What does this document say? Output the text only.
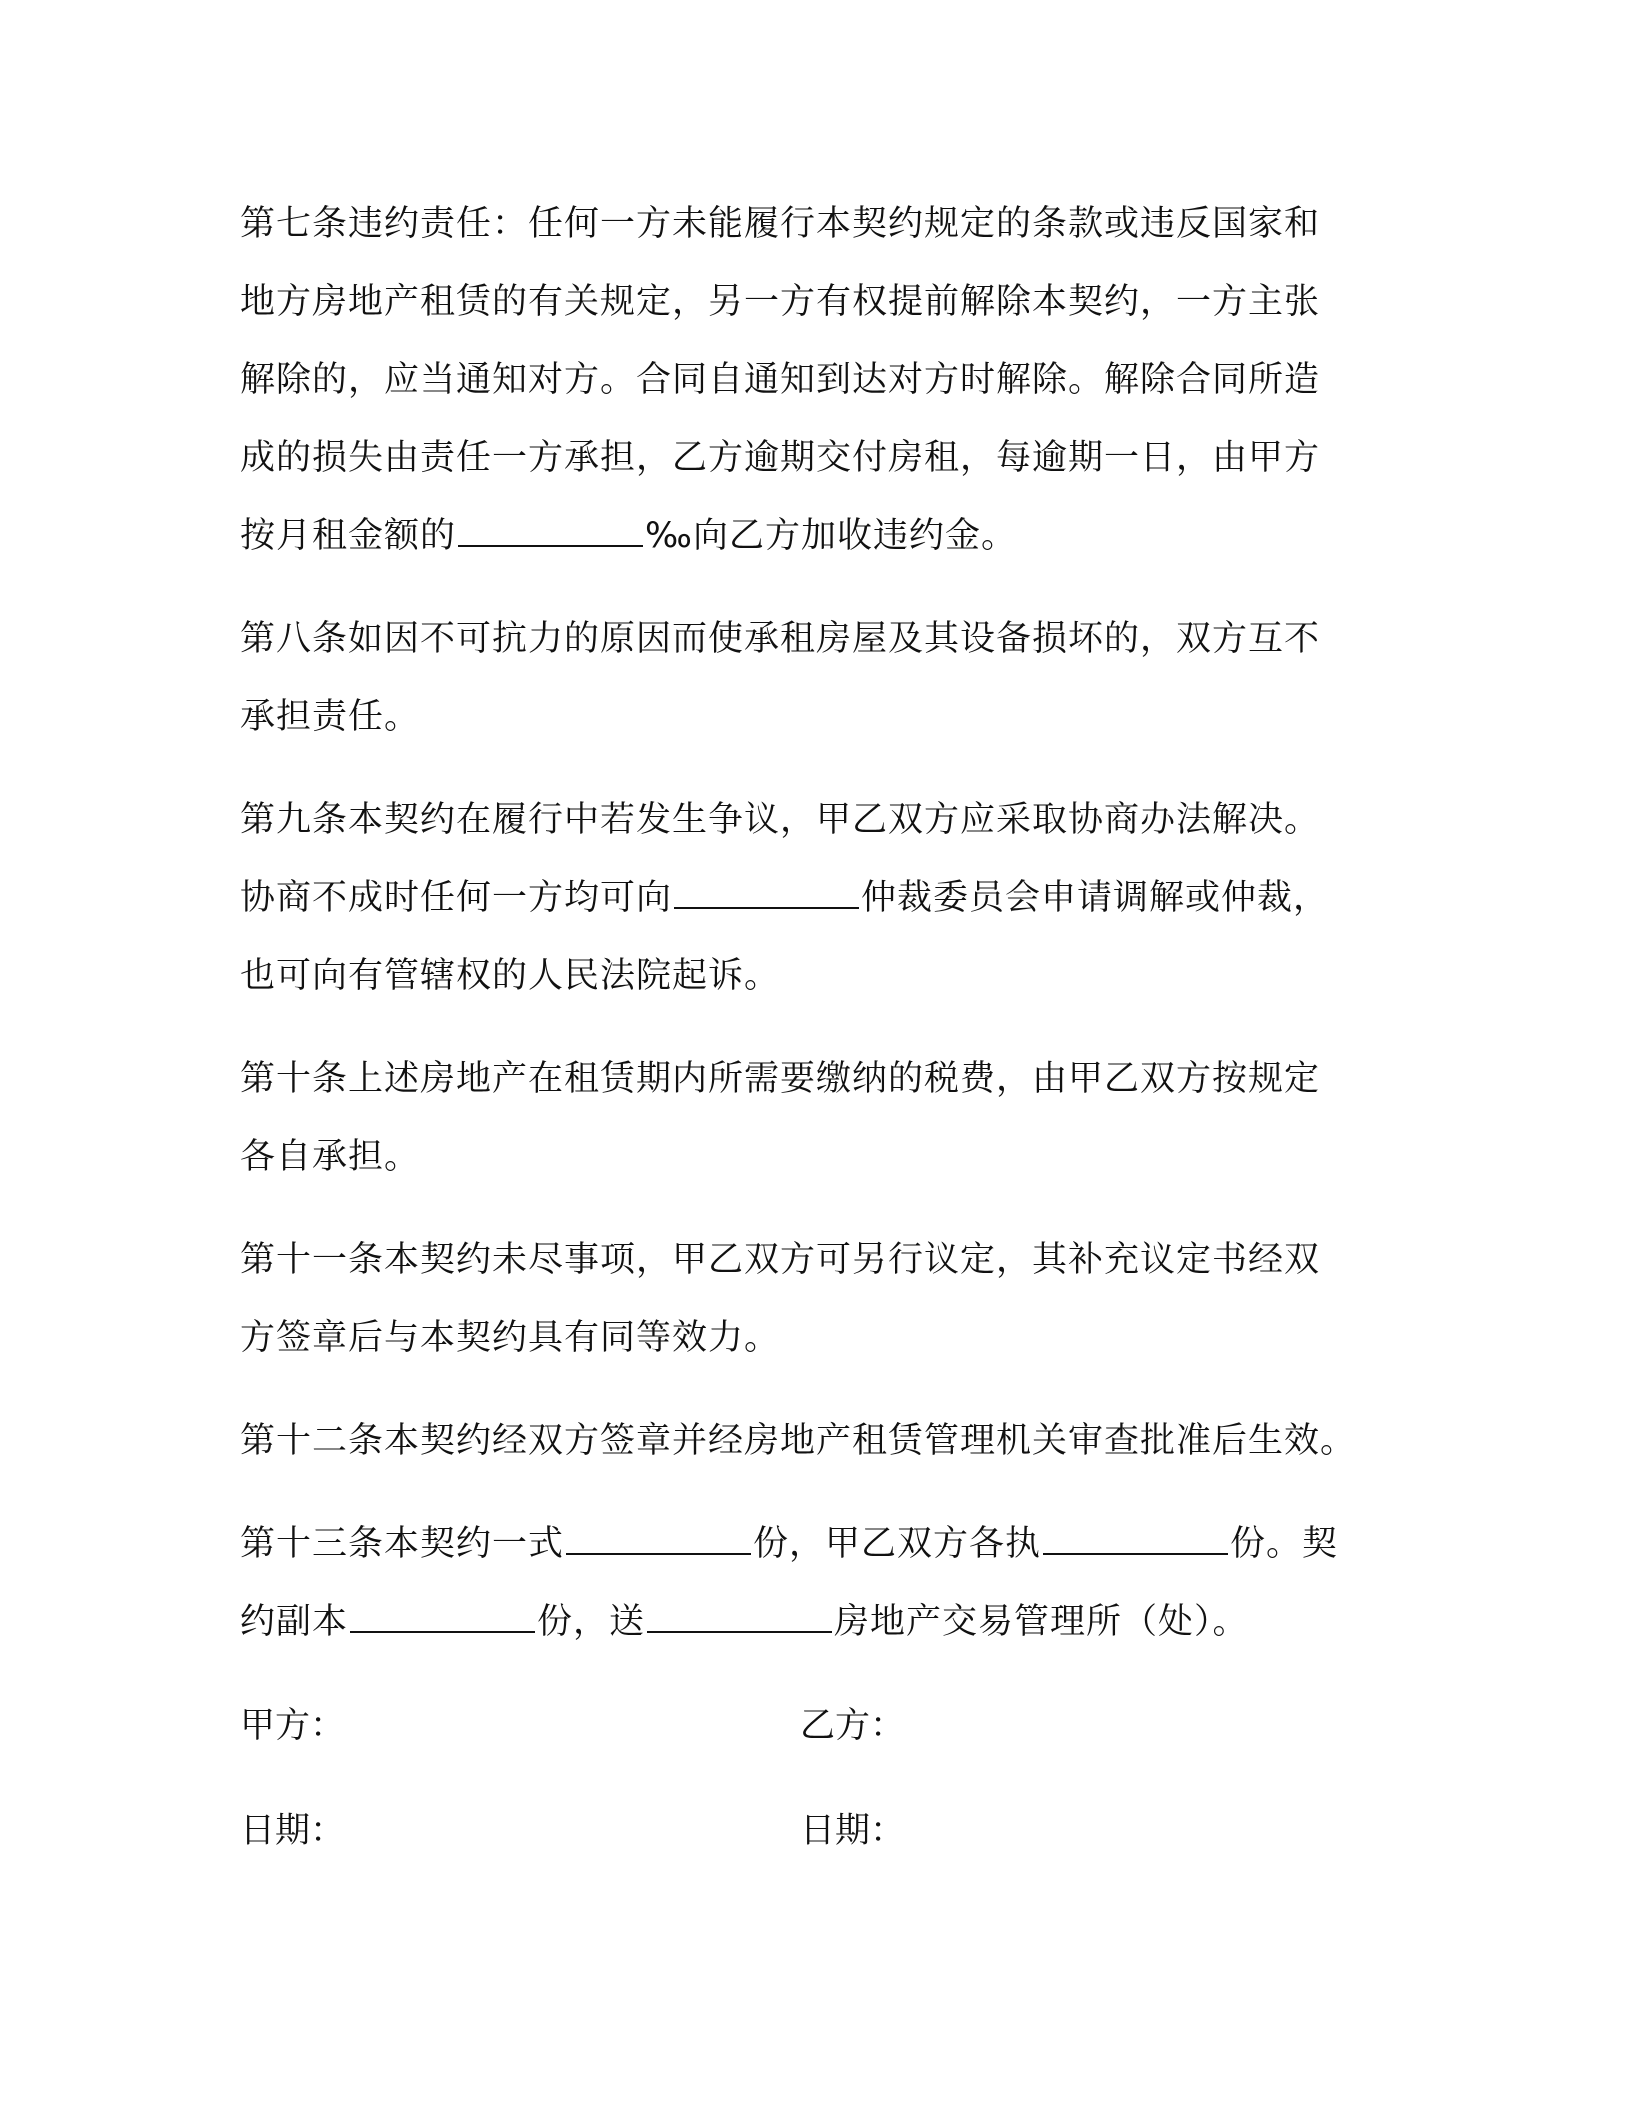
第七条违约责任：任何一方未能履行本契约规定的条款或违反国家和
地方房地产租赁的有关规定，另一方有权提前解除本契约，一方主张
解除的，应当通知对方。合同自通知到达对方时解除。解除合同所造
成的损失由责任一方承担，乙方逾期交付房租，每逾期一日，由甲方
按月租金额的	‰向乙方加收违约金。

第八条如因不可抗力的原因而使承租房屋及其设备损坏的，双方互不
承担责任。

第九条本契约在履行中若发生争议，甲乙双方应采取协商办法解决。
协商不成时任何一方均可向	仲裁委员会申请调解或仲裁，
也可向有管辖权的人民法院起诉。

第十条上述房地产在租赁期内所需要缴纳的税费，由甲乙双方按规定
各自承担。

第十一条本契约未尽事项，甲乙双方可另行议定，其补充议定书经双
方签章后与本契约具有同等效力。

第十二条本契约经双方签章并经房地产租赁管理机关审查批准后生效。

第十三条本契约一式	份，甲乙双方各执	份。契
约副本	份，送	房地产交易管理所（处）。

甲方：	乙方：
日期：	日期：
